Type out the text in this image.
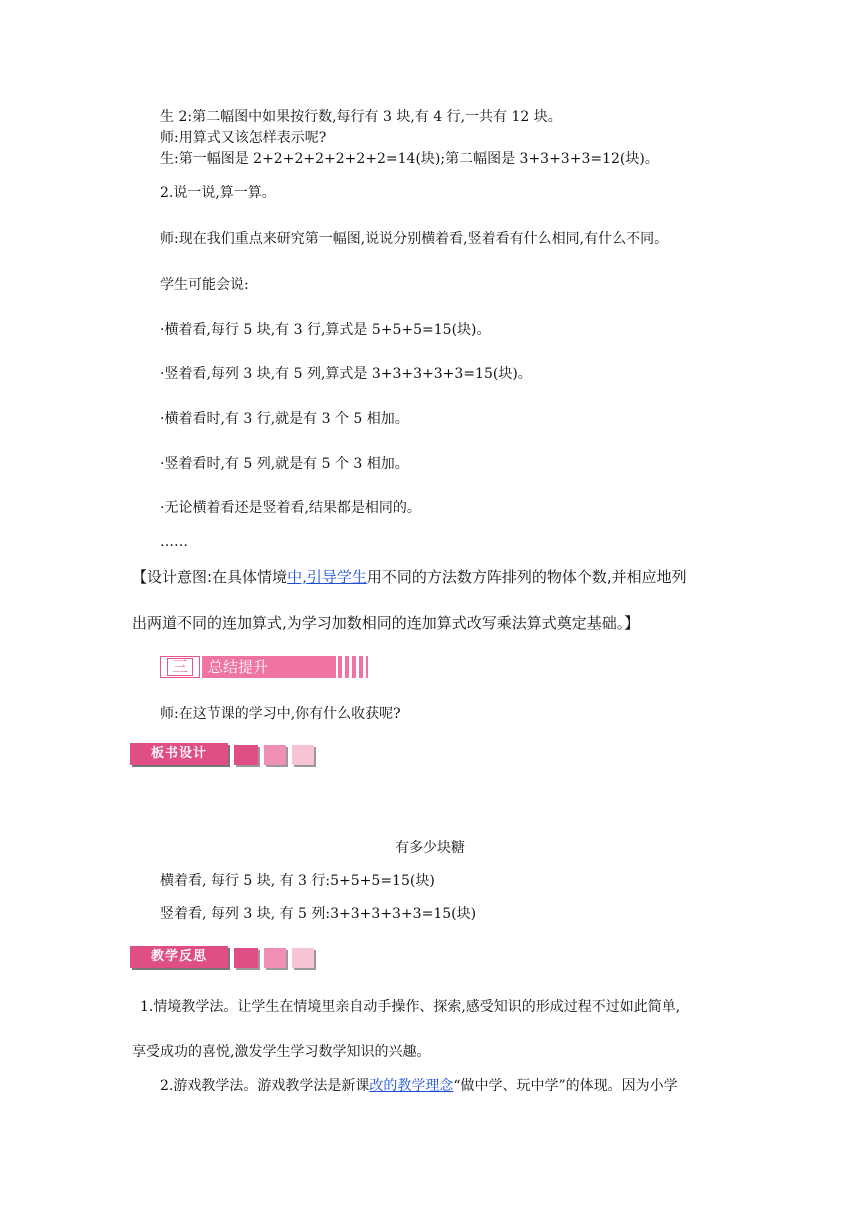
生 2:第二幅图中如果按行数,每行有 3 块,有 4 行,一共有 12 块。
师:用算式又该怎样表示呢?
生:第一幅图是 2+2+2+2+2+2+2=14(块);第二幅图是 3+3+3+3=12(块)。
2.说一说,算一算。
师:现在我们重点来研究第一幅图,说说分别横着看,竖着看有什么相同,有什么不同。
学生可能会说:
·横着看,每行 5 块,有 3 行,算式是 5+5+5=15(块)。
·竖着看,每列 3 块,有 5 列,算式是 3+3+3+3+3=15(块)。
·横着看时,有 3 行,就是有 3 个 5 相加。
·竖着看时,有 5 列,就是有 5 个 3 相加。
·无论横着看还是竖着看,结果都是相同的。
……
【设计意图:在具体情境中,引导学生用不同的方法数方阵排列的物体个数,并相应地列
出两道不同的连加算式,为学习加数相同的连加算式改写乘法算式奠定基础。】
三	总结提升
师:在这节课的学习中,你有什么收获呢?
板书设计
有多少块糖
横着看, 每行 5 块, 有 3 行:5+5+5=15(块)
竖着看, 每列 3 块, 有 5 列:3+3+3+3+3=15(块)
教学反思
1.情境教学法。让学生在情境里亲自动手操作、探索,感受知识的形成过程不过如此简单,
享受成功的喜悦,激发学生学习数学知识的兴趣。
2.游戏教学法。游戏教学法是新课改的教学理念“做中学、玩中学”的体现。因为小学
